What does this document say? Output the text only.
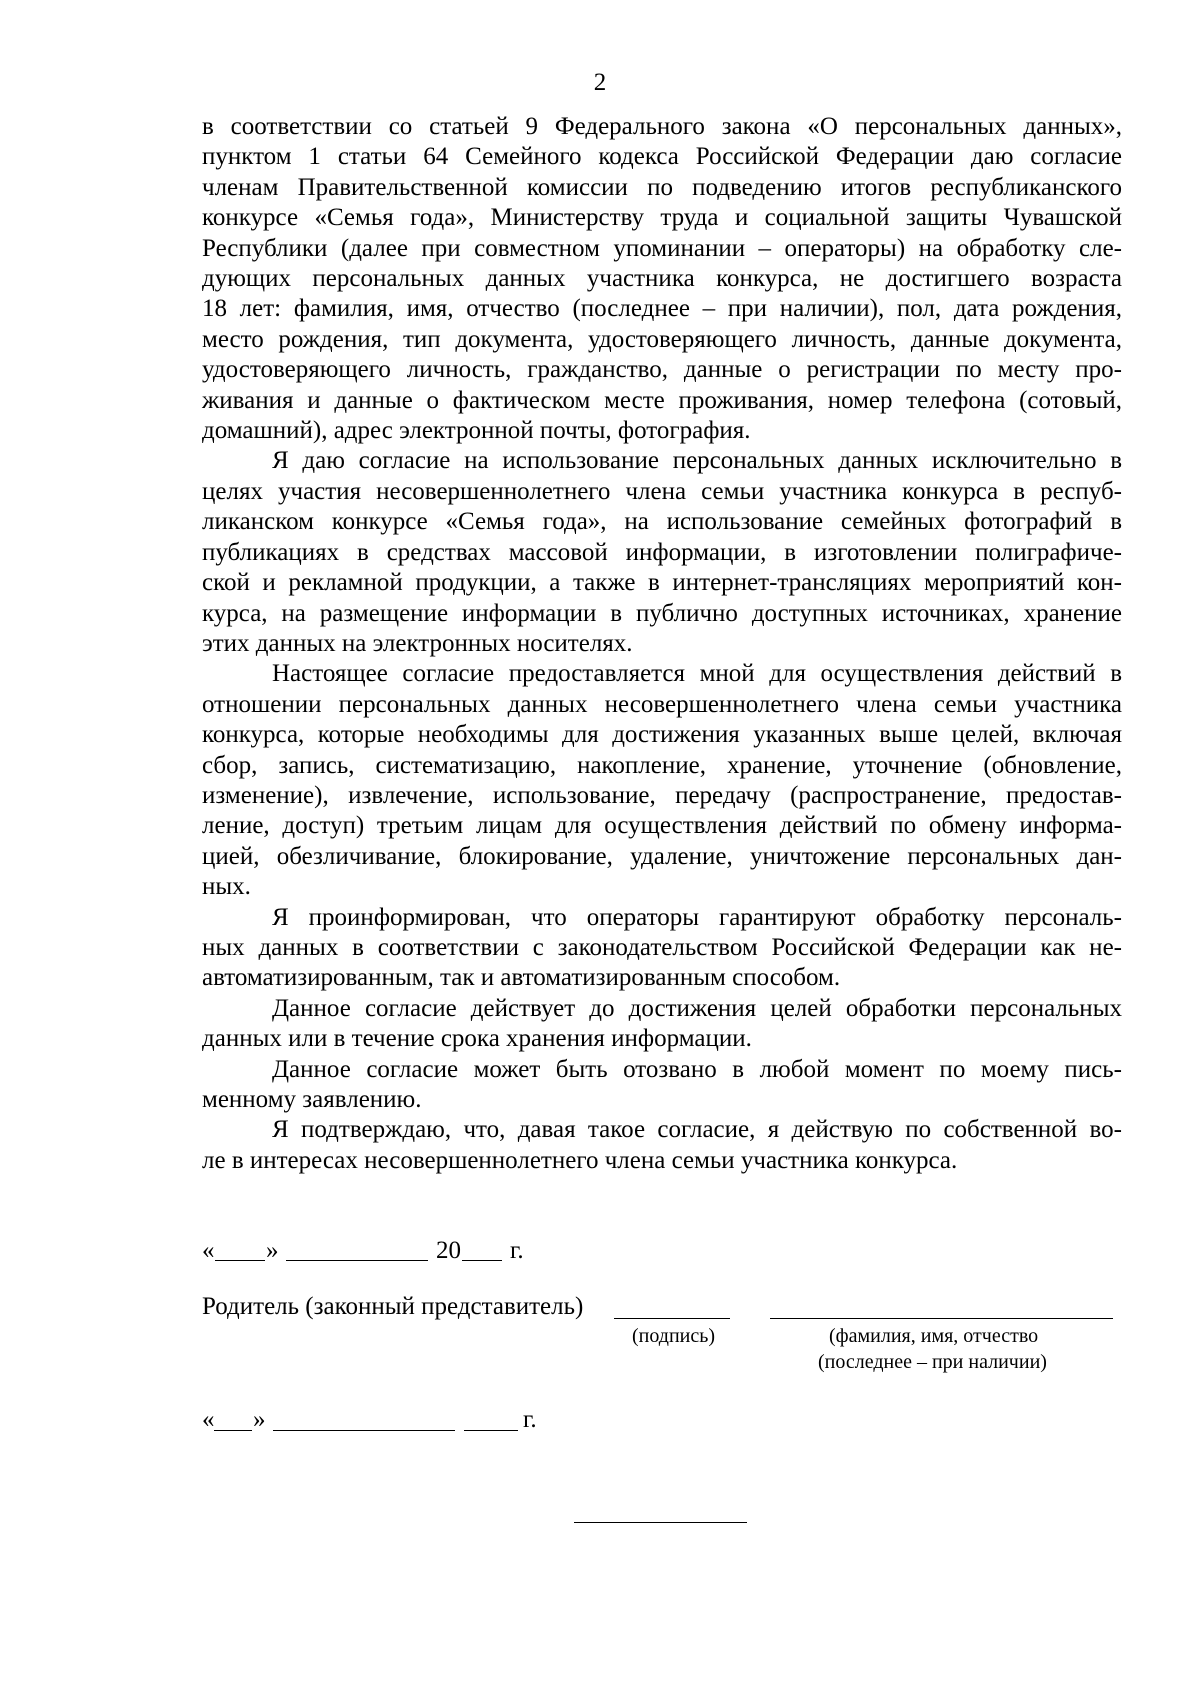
2

в соответствии со статьей 9 Федерального закона «О персональных данных»,
пунктом 1 статьи 64 Семейного кодекса Российской Федерации даю согласие
членам Правительственной комиссии по подведению итогов республиканского
конкурсе «Семья года», Министерству труда и социальной защиты Чувашской
Республики (далее при совместном упоминании – операторы) на обработку сле-
дующих персональных данных участника конкурса, не достигшего возраста
18 лет: фамилия, имя, отчество (последнее – при наличии), пол, дата рождения,
место рождения, тип документа, удостоверяющего личность, данные документа,
удостоверяющего личность, гражданство, данные о регистрации по месту про-
живания и данные о фактическом месте проживания, номер телефона (сотовый,

домашний), адрес электронной почты, фотография.

Я даю согласие на использование персональных данных исключительно в
целях участия несовершеннолетнего члена семьи участника конкурса в респуб-
ликанском конкурсе «Семья года», на использование семейных фотографий в
публикациях в средствах массовой информации, в изготовлении полиграфиче-
ской и рекламной продукции, а также в интернет-трансляциях мероприятий кон-
курса, на размещение информации в публично доступных источниках, хранение

этих данных на электронных носителях.

Настоящее согласие предоставляется мной для осуществления действий в
отношении персональных данных несовершеннолетнего члена семьи участника
конкурса, которые необходимы для достижения указанных выше целей, включая
сбор, запись, систематизацию, накопление, хранение, уточнение (обновление,
изменение), извлечение, использование, передачу (распространение, предостав-
ление, доступ) третьим лицам для осуществления действий по обмену информа-
цией, обезличивание, блокирование, удаление, уничтожение персональных дан-

ных.

Я проинформирован, что операторы гарантируют обработку персональ-
ных данных в соответствии с законодательством Российской Федерации как не-

автоматизированным, так и автоматизированным способом.

Данное согласие действует до достижения целей обработки персональных

данных или в течение срока хранения информации.

Данное согласие может быть отозвано в любой момент по моему пись-

менному заявлению.

Я подтверждаю, что, давая такое согласие, я действую по собственной во-

ле в интересах несовершеннолетнего члена семьи участника конкурса.

« »	20 г.
Родитель (законный представитель)
(подпись)	(фамилия, имя, отчество
(последнее – при наличии)
« »	г.
